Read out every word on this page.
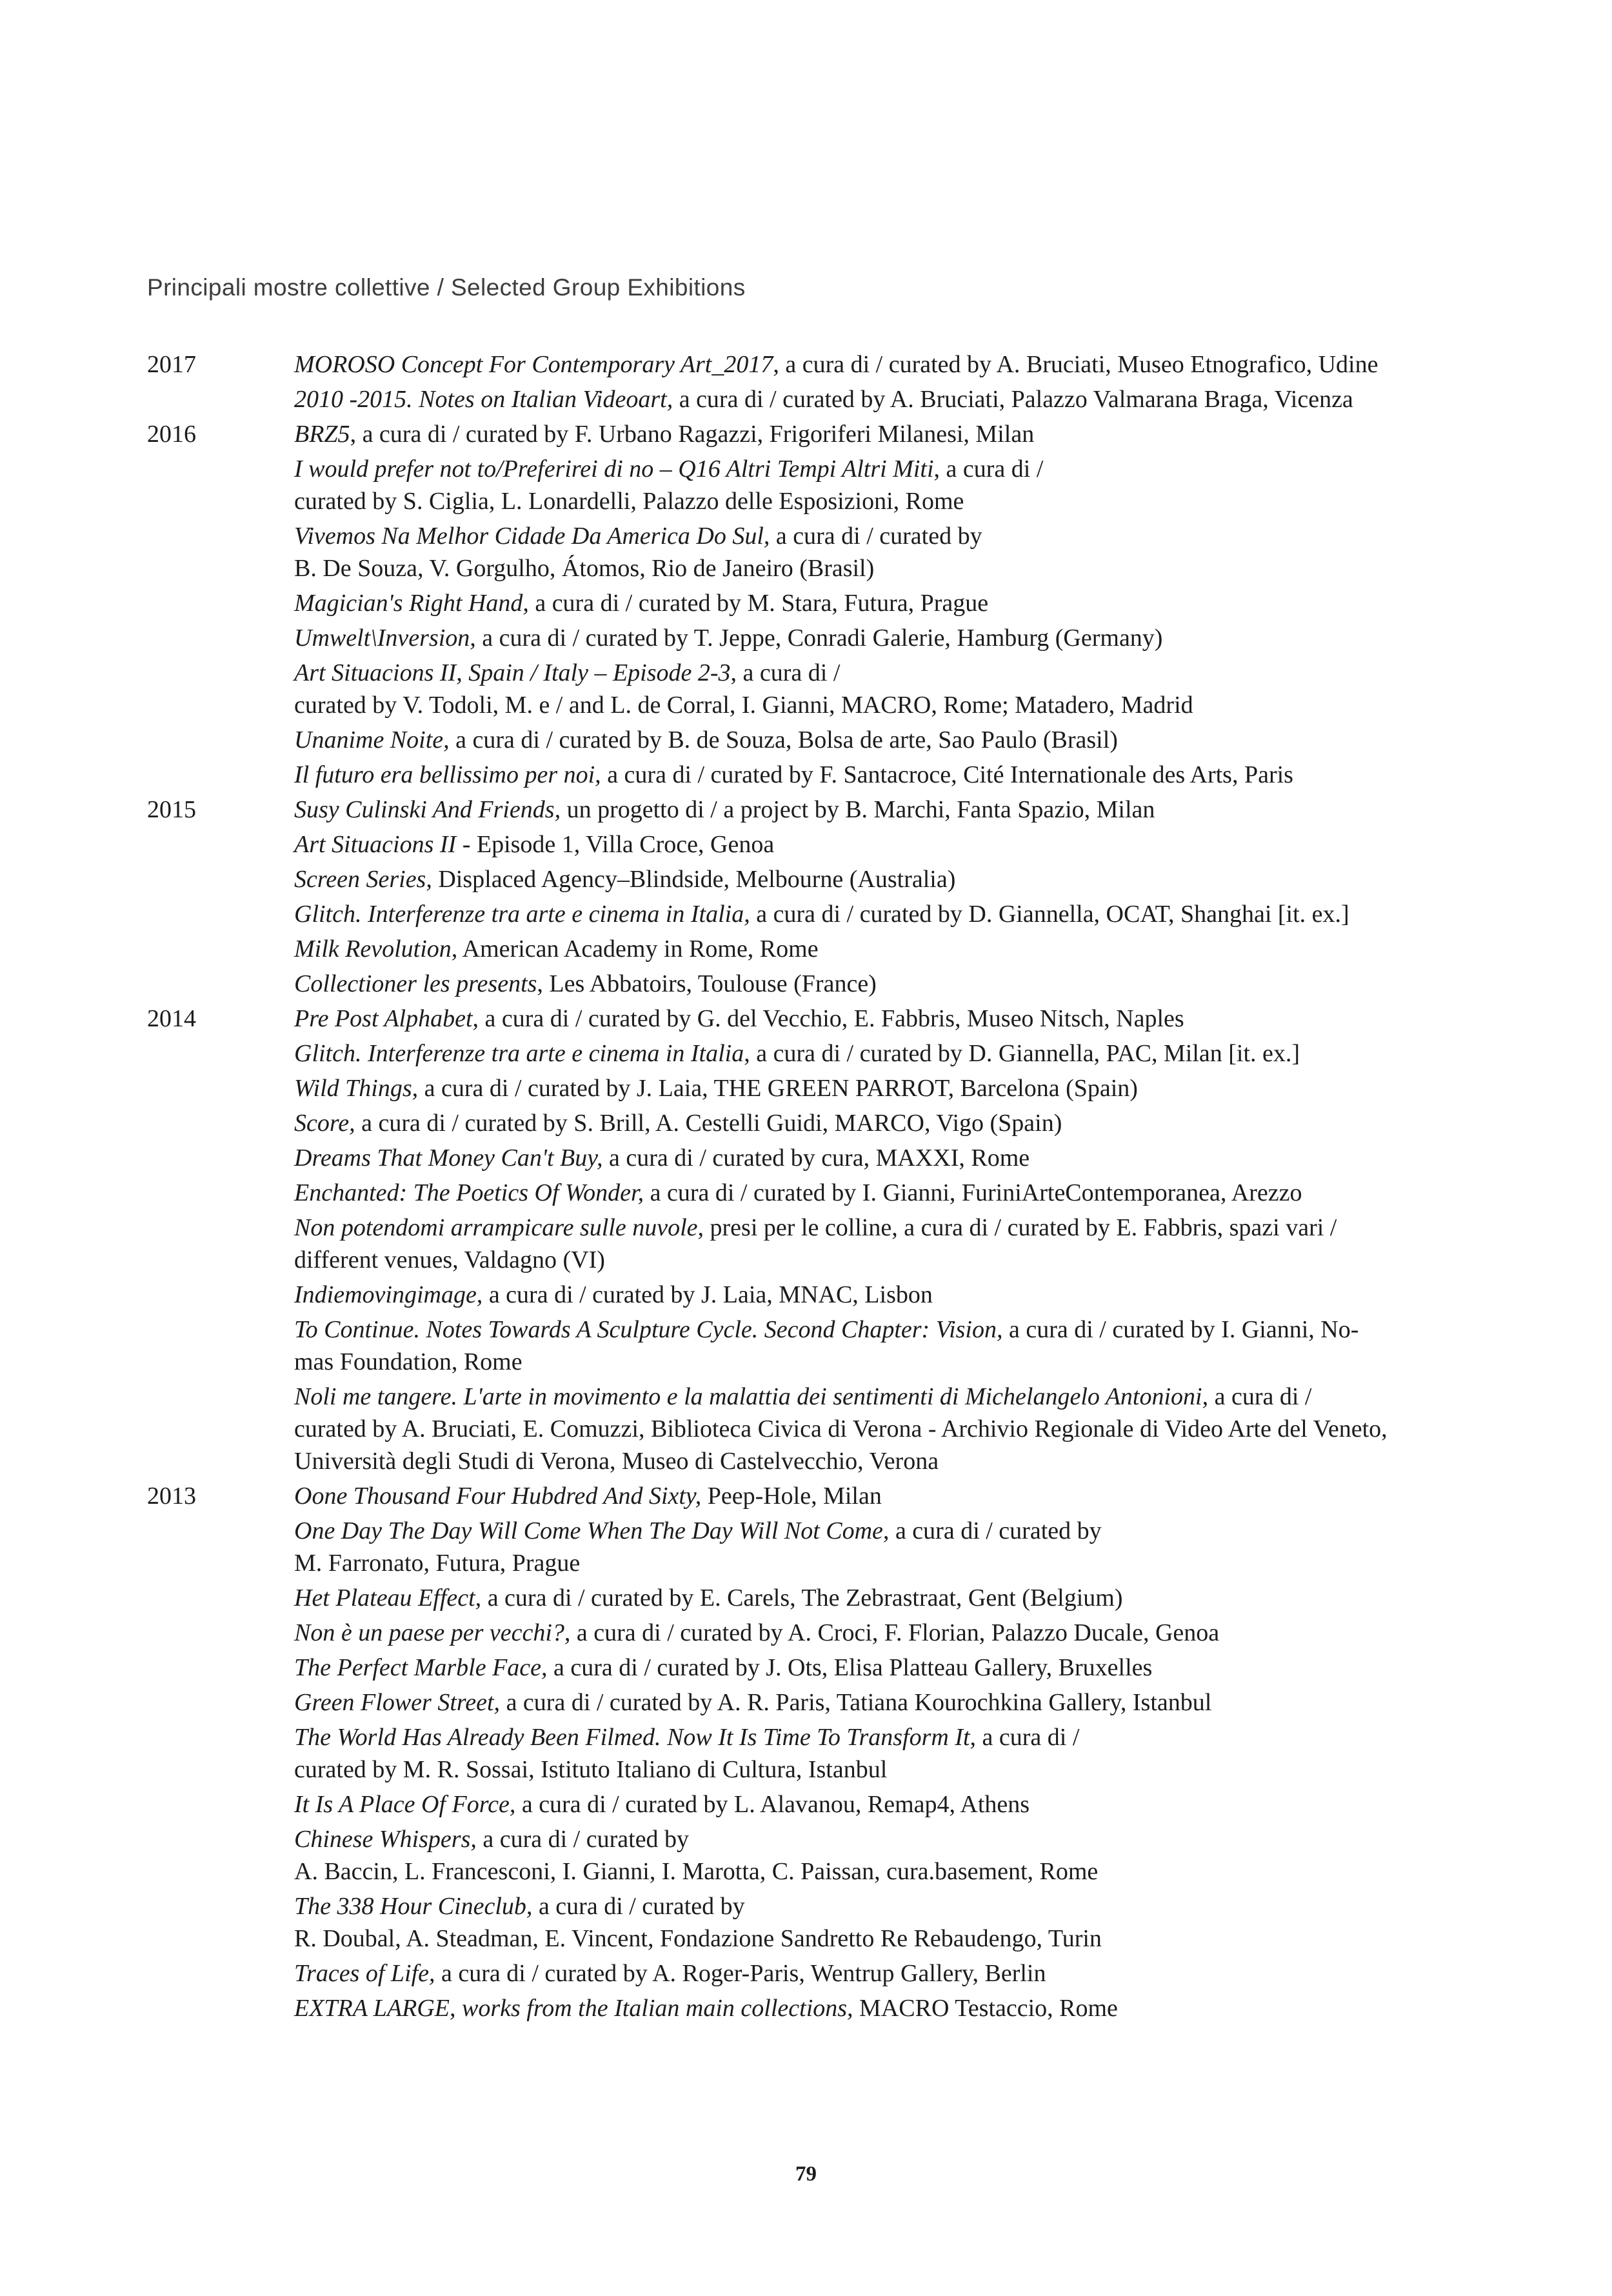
Principali mostre collettive / Selected Group Exhibitions
2017	MOROSO Concept For Contemporary Art_2017, a cura di / curated by A. Bruciati, Museo Etnografico, Udine
2010 -2015. Notes on Italian Videoart, a cura di / curated by A. Bruciati, Palazzo Valmarana Braga, Vicenza
2016	BRZ5, a cura di / curated by F. Urbano Ragazzi, Frigoriferi Milanesi, Milan
I would prefer not to/Preferirei di no – Q16 Altri Tempi Altri Miti, a cura di /
curated by S. Ciglia, L. Lonardelli, Palazzo delle Esposizioni, Rome
Vivemos Na Melhor Cidade Da America Do Sul, a cura di / curated by
B. De Souza, V. Gorgulho, Átomos, Rio de Janeiro (Brasil)
Magician's Right Hand, a cura di / curated by M. Stara, Futura, Prague
Umwelt\Inversion, a cura di / curated by T. Jeppe, Conradi Galerie, Hamburg (Germany)
Art Situacions II, Spain / Italy – Episode 2-3, a cura di /
curated by V. Todoli, M. e / and L. de Corral, I. Gianni, MACRO, Rome; Matadero, Madrid
Unanime Noite, a cura di / curated by B. de Souza, Bolsa de arte, Sao Paulo (Brasil)
Il futuro era bellissimo per noi, a cura di / curated by F. Santacroce, Cité Internationale des Arts, Paris
2015	Susy Culinski And Friends, un progetto di / a project by B. Marchi, Fanta Spazio, Milan
Art Situacions II - Episode 1, Villa Croce, Genoa
Screen Series, Displaced Agency–Blindside, Melbourne (Australia)
Glitch. Interferenze tra arte e cinema in Italia, a cura di / curated by D. Giannella, OCAT, Shanghai [it. ex.]
Milk Revolution, American Academy in Rome, Rome
Collectioner les presents, Les Abbatoirs, Toulouse (France)
2014	Pre Post Alphabet, a cura di / curated by G. del Vecchio, E. Fabbris, Museo Nitsch, Naples
Glitch. Interferenze tra arte e cinema in Italia, a cura di / curated by D. Giannella, PAC, Milan [it. ex.]
Wild Things, a cura di / curated by J. Laia, THE GREEN PARROT, Barcelona (Spain)
Score, a cura di / curated by S. Brill, A. Cestelli Guidi, MARCO, Vigo (Spain)
Dreams That Money Can't Buy, a cura di / curated by cura, MAXXI, Rome
Enchanted: The Poetics Of Wonder, a cura di / curated by I. Gianni, FuriniArteContemporanea, Arezzo
Non potendomi arrampicare sulle nuvole, presi per le colline, a cura di / curated by E. Fabbris, spazi vari /
different venues, Valdagno (VI)
Indiemovingimage, a cura di / curated by J. Laia, MNAC, Lisbon
To Continue. Notes Towards A Sculpture Cycle. Second Chapter: Vision, a cura di / curated by I. Gianni, No-
mas Foundation, Rome
Noli me tangere. L'arte in movimento e la malattia dei sentimenti di Michelangelo Antonioni, a cura di /
curated by A. Bruciati, E. Comuzzi, Biblioteca Civica di Verona - Archivio Regionale di Video Arte del Veneto,
Università degli Studi di Verona, Museo di Castelvecchio, Verona
2013	Oone Thousand Four Hubdred And Sixty, Peep-Hole, Milan
One Day The Day Will Come When The Day Will Not Come, a cura di / curated by
M. Farronato, Futura, Prague
Het Plateau Effect, a cura di / curated by E. Carels, The Zebrastraat, Gent (Belgium)
Non è un paese per vecchi?, a cura di / curated by A. Croci, F. Florian, Palazzo Ducale, Genoa
The Perfect Marble Face, a cura di / curated by J. Ots, Elisa Platteau Gallery, Bruxelles
Green Flower Street, a cura di / curated by A. R. Paris, Tatiana Kourochkina Gallery, Istanbul
The World Has Already Been Filmed. Now It Is Time To Transform It, a cura di /
curated by M. R. Sossai, Istituto Italiano di Cultura, Istanbul
It Is A Place Of Force, a cura di / curated by L. Alavanou, Remap4, Athens
Chinese Whispers, a cura di / curated by
A. Baccin, L. Francesconi, I. Gianni, I. Marotta, C. Paissan, cura.basement, Rome
The 338 Hour Cineclub, a cura di / curated by
R. Doubal, A. Steadman, E. Vincent, Fondazione Sandretto Re Rebaudengo, Turin
Traces of Life, a cura di / curated by A. Roger-Paris, Wentrup Gallery, Berlin
EXTRA LARGE, works from the Italian main collections, MACRO Testaccio, Rome
79
